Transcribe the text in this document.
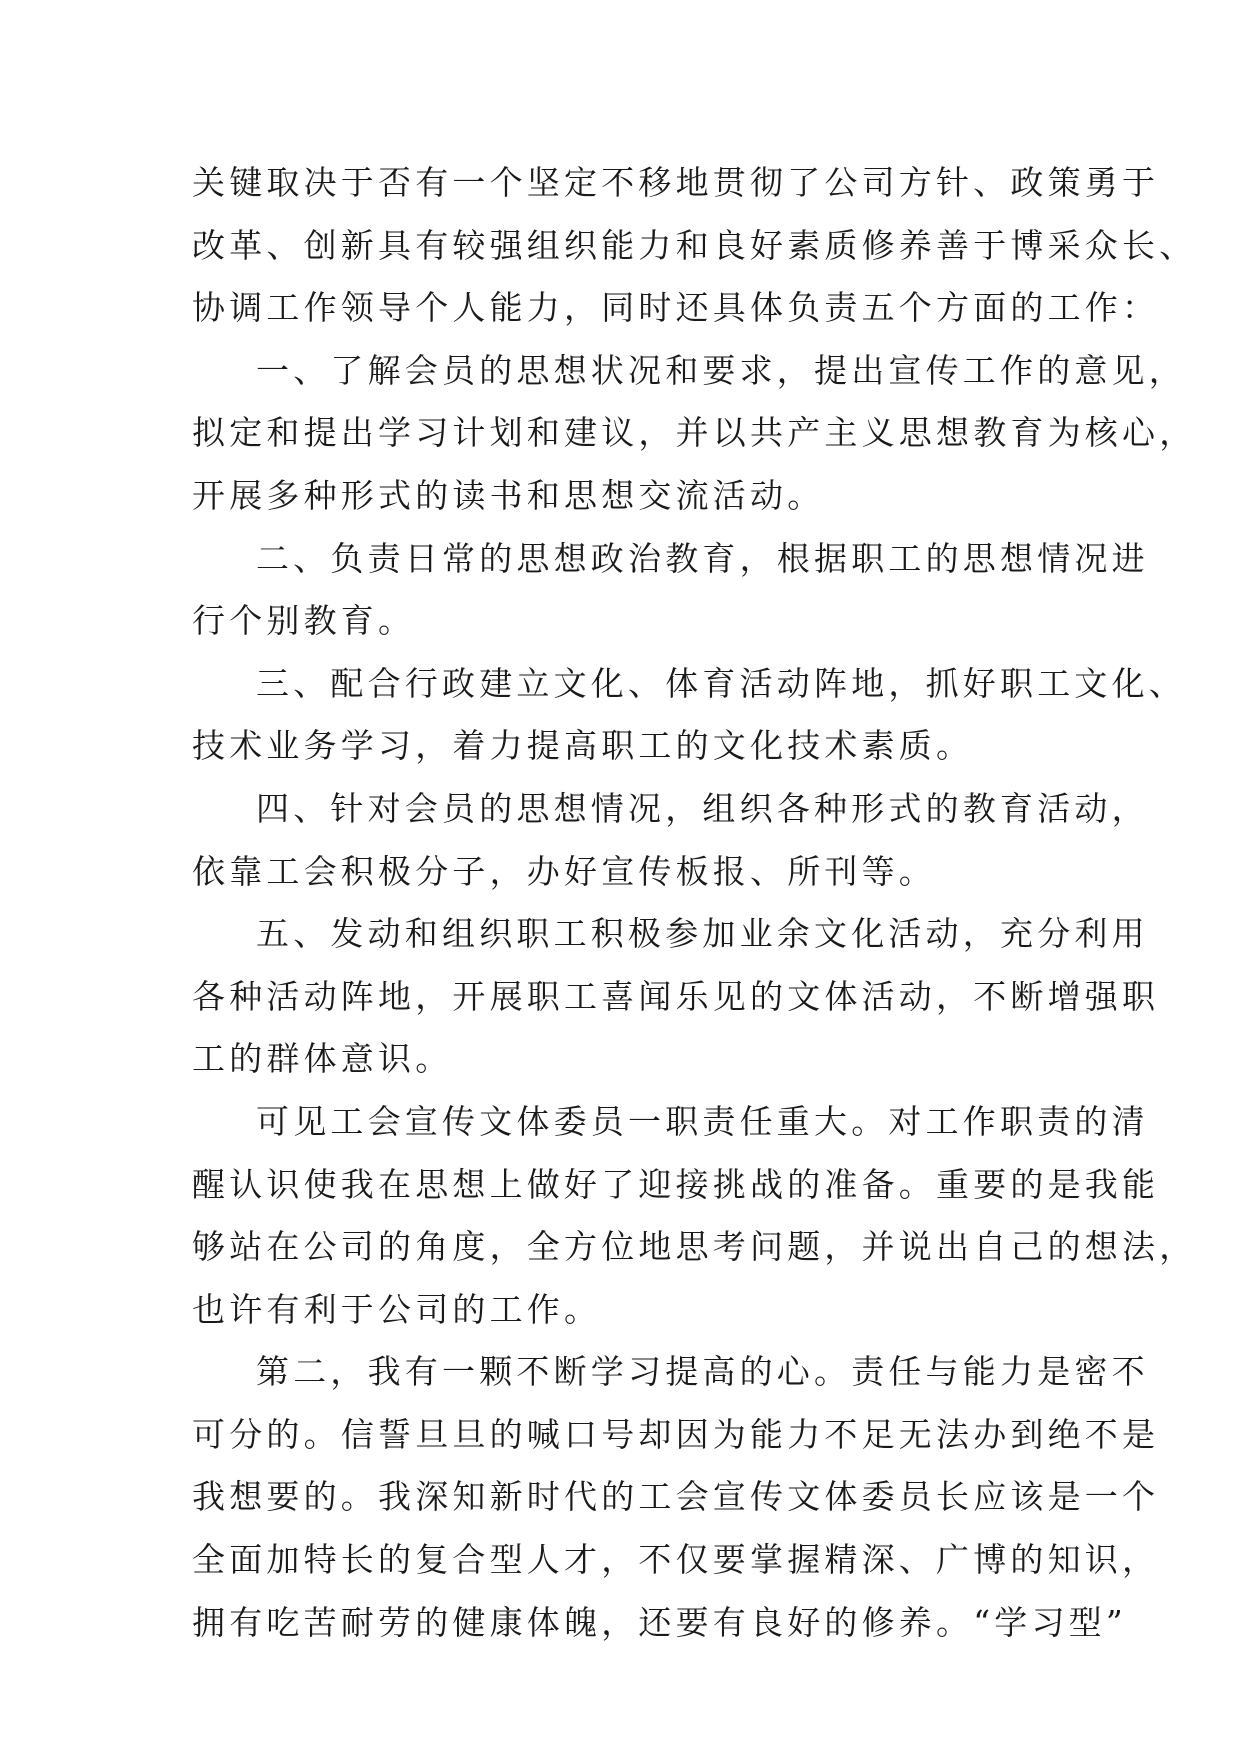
关键取决于否有一个坚定不移地贯彻了公司方针、政策勇于
改革、创新具有较强组织能力和良好素质修养善于博采众长、
协调工作领导个人能力，同时还具体负责五个方面的工作：
一、了解会员的思想状况和要求，提出宣传工作的意见，
拟定和提出学习计划和建议，并以共产主义思想教育为核心，
开展多种形式的读书和思想交流活动。
二、负责日常的思想政治教育，根据职工的思想情况进
行个别教育。
三、配合行政建立文化、体育活动阵地，抓好职工文化、
技术业务学习，着力提高职工的文化技术素质。
四、针对会员的思想情况，组织各种形式的教育活动，
依靠工会积极分子，办好宣传板报、所刊等。
五、发动和组织职工积极参加业余文化活动，充分利用
各种活动阵地，开展职工喜闻乐见的文体活动，不断增强职
工的群体意识。
可见工会宣传文体委员一职责任重大。对工作职责的清
醒认识使我在思想上做好了迎接挑战的准备。重要的是我能
够站在公司的角度，全方位地思考问题，并说出自己的想法，
也许有利于公司的工作。
第二，我有一颗不断学习提高的心。责任与能力是密不
可分的。信誓旦旦的喊口号却因为能力不足无法办到绝不是
我想要的。我深知新时代的工会宣传文体委员长应该是一个
全面加特长的复合型人才，不仅要掌握精深、广博的知识，
拥有吃苦耐劳的健康体魄，还要有良好的修养。“学习型”
